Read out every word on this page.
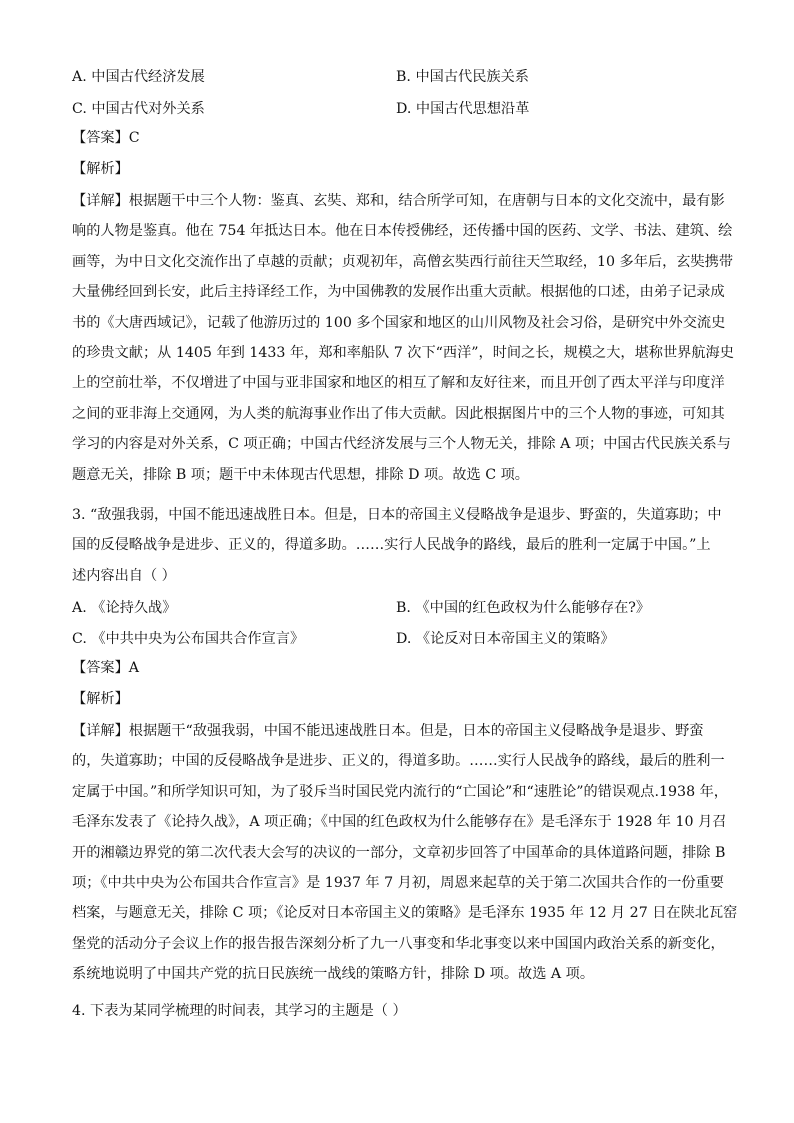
A. 中国古代经济发展	B. 中国古代民族关系
C. 中国古代对外关系	D. 中国古代思想沿革
【答案】C
【解析】
【详解】根据题干中三个人物：鉴真、玄奘、郑和，结合所学可知，在唐朝与日本的文化交流中，最有影
响的人物是鉴真。他在 754 年抵达日本。他在日本传授佛经，还传播中国的医药、文学、书法、建筑、绘
画等，为中日文化交流作出了卓越的贡献；贞观初年，高僧玄奘西行前往天竺取经，10 多年后，玄奘携带
大量佛经回到长安，此后主持译经工作，为中国佛教的发展作出重大贡献。根据他的口述，由弟子记录成
书的《大唐西域记》，记载了他游历过的 100 多个国家和地区的山川风物及社会习俗，是研究中外交流史
的珍贵文献；从 1405 年到 1433 年，郑和率船队 7 次下“西洋”，时间之长，规模之大，堪称世界航海史
上的空前壮举，不仅增进了中国与亚非国家和地区的相互了解和友好往来，而且开创了西太平洋与印度洋
之间的亚非海上交通网，为人类的航海事业作出了伟大贡献。因此根据图片中的三个人物的事迹，可知其
学习的内容是对外关系，C 项正确；中国古代经济发展与三个人物无关，排除 A 项；中国古代民族关系与
题意无关，排除 B 项；题干中未体现古代思想，排除 D 项。故选 C 项。
3. “敌强我弱，中国不能迅速战胜日本。但是，日本的帝国主义侵略战争是退步、野蛮的，失道寡助；中
国的反侵略战争是进步、正义的，得道多助。……实行人民战争的路线，最后的胜利一定属于中国。”上
述内容出自（ ）
A. 《论持久战》	B. 《中国的红色政权为什么能够存在?》
C. 《中共中央为公布国共合作宣言》	D. 《论反对日本帝国主义的策略》
【答案】A
【解析】
【详解】根据题干“敌强我弱，中国不能迅速战胜日本。但是，日本的帝国主义侵略战争是退步、野蛮
的，失道寡助；中国的反侵略战争是进步、正义的，得道多助。……实行人民战争的路线，最后的胜利一
定属于中国。”和所学知识可知，为了驳斥当时国民党内流行的“亡国论”和“速胜论”的错误观点.1938 年，
毛泽东发表了《论持久战》，A 项正确；《中国的红色政权为什么能够存在》是毛泽东于 1928 年 10 月召
开的湘赣边界党的第二次代表大会写的决议的一部分，文章初步回答了中国革命的具体道路问题，排除 B
项；《中共中央为公布国共合作宣言》是 1937 年 7 月初，周恩来起草的关于第二次国共合作的一份重要
档案，与题意无关，排除 C 项；《论反对日本帝国主义的策略》是毛泽东 1935 年 12 月 27 日在陕北瓦窑
堡党的活动分子会议上作的报告报告深刻分析了九一八事变和华北事变以来中国国内政治关系的新变化，
系统地说明了中国共产党的抗日民族统一战线的策略方针，排除 D 项。故选 A 项。
4. 下表为某同学梳理的时间表，其学习的主题是（ ）
